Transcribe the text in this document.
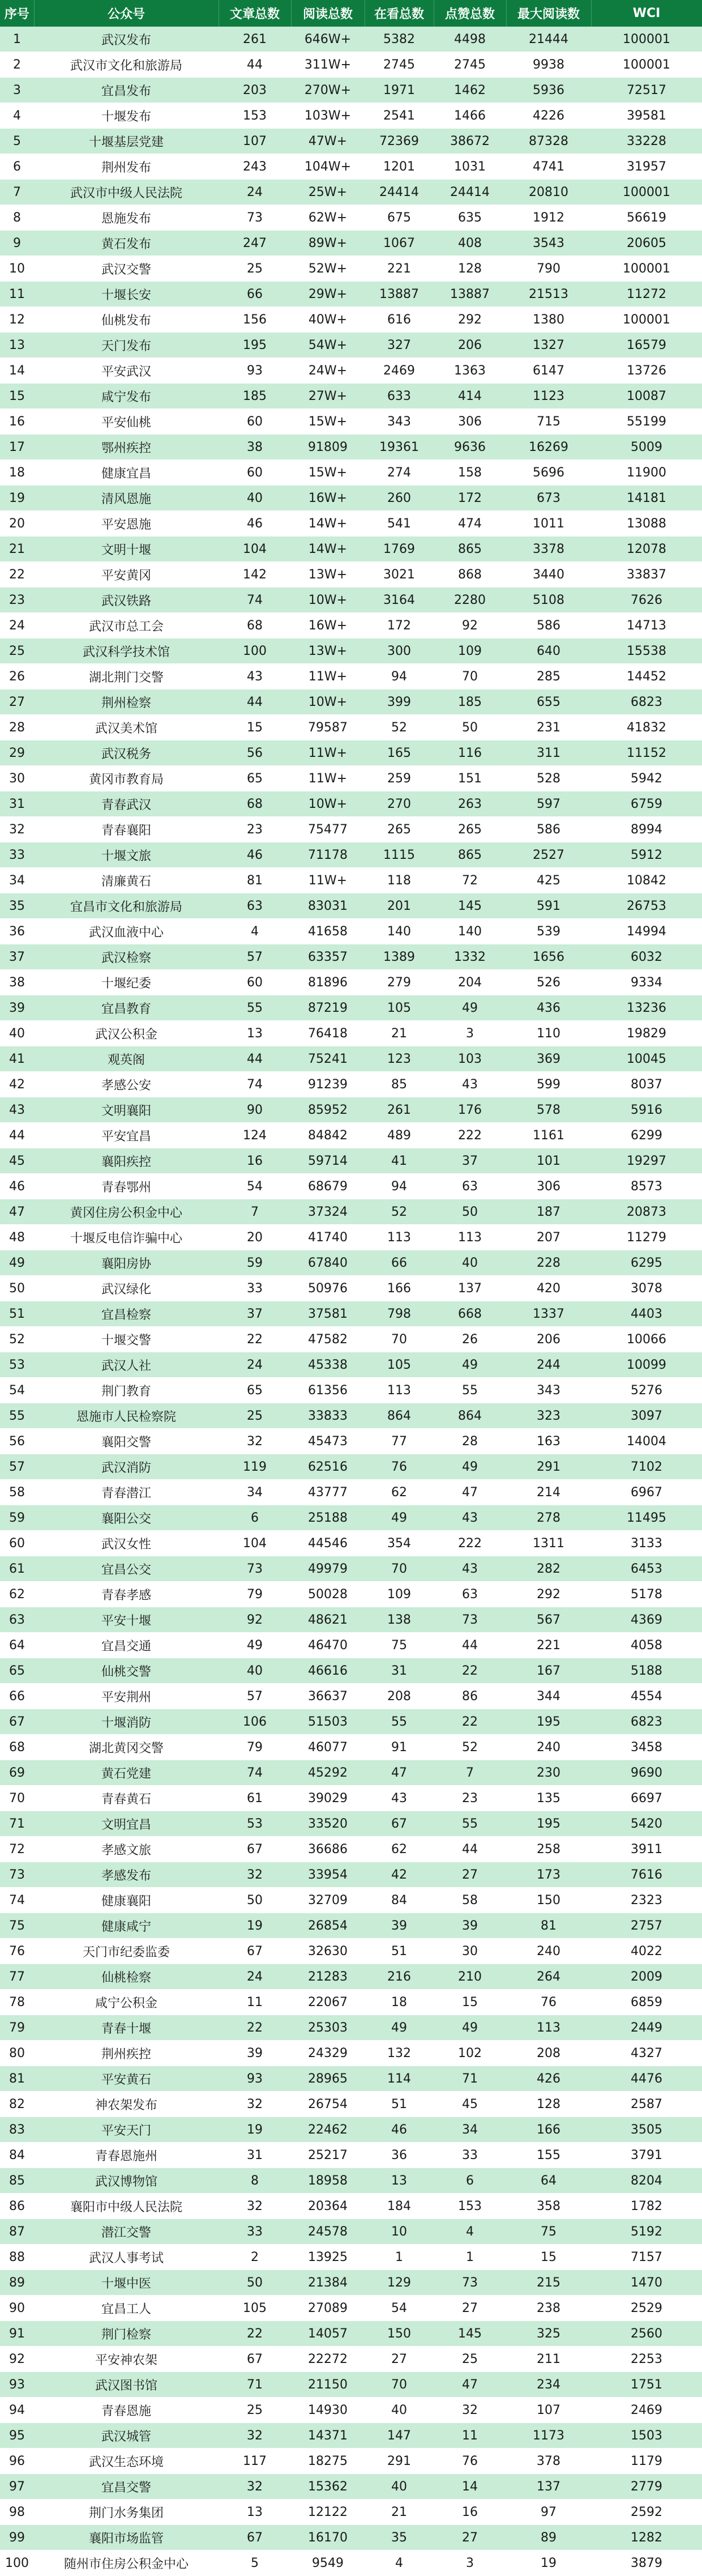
序号	公众号	文章总数	阅读总数	在看总数	点赞总数	最大阅读数	WCI
1	武汉发布	261	646W+	5382	4498	21444	100001
2	武汉市文化和旅游局	44	311W+	2745	2745	9938	100001
3	宜昌发布	203	270W+	1971	1462	5936	72517
4	十堰发布	153	103W+	2541	1466	4226	39581
5	十堰基层党建	107	47W+	72369	38672	87328	33228
6	荆州发布	243	104W+	1201	1031	4741	31957
7	武汉市中级人民法院	24	25W+	24414	24414	20810	100001
8	恩施发布	73	62W+	675	635	1912	56619
9	黄石发布	247	89W+	1067	408	3543	20605
10	武汉交警	25	52W+	221	128	790	100001
11	十堰长安	66	29W+	13887	13887	21513	11272
12	仙桃发布	156	40W+	616	292	1380	100001
13	天门发布	195	54W+	327	206	1327	16579
14	平安武汉	93	24W+	2469	1363	6147	13726
15	咸宁发布	185	27W+	633	414	1123	10087
16	平安仙桃	60	15W+	343	306	715	55199
17	鄂州疾控	38	91809	19361	9636	16269	5009
18	健康宜昌	60	15W+	274	158	5696	11900
19	清风恩施	40	16W+	260	172	673	14181
20	平安恩施	46	14W+	541	474	1011	13088
21	文明十堰	104	14W+	1769	865	3378	12078
22	平安黄冈	142	13W+	3021	868	3440	33837
23	武汉铁路	74	10W+	3164	2280	5108	7626
24	武汉市总工会	68	16W+	172	92	586	14713
25	武汉科学技术馆	100	13W+	300	109	640	15538
26	湖北荆门交警	43	11W+	94	70	285	14452
27	荆州检察	44	10W+	399	185	655	6823
28	武汉美术馆	15	79587	52	50	231	41832
29	武汉税务	56	11W+	165	116	311	11152
30	黄冈市教育局	65	11W+	259	151	528	5942
31	青春武汉	68	10W+	270	263	597	6759
32	青春襄阳	23	75477	265	265	586	8994
33	十堰文旅	46	71178	1115	865	2527	5912
34	清廉黄石	81	11W+	118	72	425	10842
35	宜昌市文化和旅游局	63	83031	201	145	591	26753
36	武汉血液中心	4	41658	140	140	539	14994
37	武汉检察	57	63357	1389	1332	1656	6032
38	十堰纪委	60	81896	279	204	526	9334
39	宜昌教育	55	87219	105	49	436	13236
40	武汉公积金	13	76418	21	3	110	19829
41	观英阁	44	75241	123	103	369	10045
42	孝感公安	74	91239	85	43	599	8037
43	文明襄阳	90	85952	261	176	578	5916
44	平安宜昌	124	84842	489	222	1161	6299
45	襄阳疾控	16	59714	41	37	101	19297
46	青春鄂州	54	68679	94	63	306	8573
47	黄冈住房公积金中心	7	37324	52	50	187	20873
48	十堰反电信诈骗中心	20	41740	113	113	207	11279
49	襄阳房协	59	67840	66	40	228	6295
50	武汉绿化	33	50976	166	137	420	3078
51	宜昌检察	37	37581	798	668	1337	4403
52	十堰交警	22	47582	70	26	206	10066
53	武汉人社	24	45338	105	49	244	10099
54	荆门教育	65	61356	113	55	343	5276
55	恩施市人民检察院	25	33833	864	864	323	3097
56	襄阳交警	32	45473	77	28	163	14004
57	武汉消防	119	62516	76	49	291	7102
58	青春潜江	34	43777	62	47	214	6967
59	襄阳公交	6	25188	49	43	278	11495
60	武汉女性	104	44546	354	222	1311	3133
61	宜昌公交	73	49979	70	43	282	6453
62	青春孝感	79	50028	109	63	292	5178
63	平安十堰	92	48621	138	73	567	4369
64	宜昌交通	49	46470	75	44	221	4058
65	仙桃交警	40	46616	31	22	167	5188
66	平安荆州	57	36637	208	86	344	4554
67	十堰消防	106	51503	55	22	195	6823
68	湖北黄冈交警	79	46077	91	52	240	3458
69	黄石党建	74	45292	47	7	230	9690
70	青春黄石	61	39029	43	23	135	6697
71	文明宜昌	53	33520	67	55	195	5420
72	孝感文旅	67	36686	62	44	258	3911
73	孝感发布	32	33954	42	27	173	7616
74	健康襄阳	50	32709	84	58	150	2323
75	健康咸宁	19	26854	39	39	81	2757
76	天门市纪委监委	67	32630	51	30	240	4022
77	仙桃检察	24	21283	216	210	264	2009
78	咸宁公积金	11	22067	18	15	76	6859
79	青春十堰	22	25303	49	49	113	2449
80	荆州疾控	39	24329	132	102	208	4327
81	平安黄石	93	28965	114	71	426	4476
82	神农架发布	32	26754	51	45	128	2587
83	平安天门	19	22462	46	34	166	3505
84	青春恩施州	31	25217	36	33	155	3791
85	武汉博物馆	8	18958	13	6	64	8204
86	襄阳市中级人民法院	32	20364	184	153	358	1782
87	潜江交警	33	24578	10	4	75	5192
88	武汉人事考试	2	13925	1	1	15	7157
89	十堰中医	50	21384	129	73	215	1470
90	宜昌工人	105	27089	54	27	238	2529
91	荆门检察	22	14057	150	145	325	2560
92	平安神农架	67	22272	27	25	211	2253
93	武汉图书馆	71	21150	70	47	234	1751
94	青春恩施	25	14930	40	32	107	2469
95	武汉城管	32	14371	147	11	1173	1503
96	武汉生态环境	117	18275	291	76	378	1179
97	宜昌交警	32	15362	40	14	137	2779
98	荆门水务集团	13	12122	21	16	97	2592
99	襄阳市场监管	67	16170	35	27	89	1282
100	随州市住房公积金中心	5	9549	4	3	19	3879
